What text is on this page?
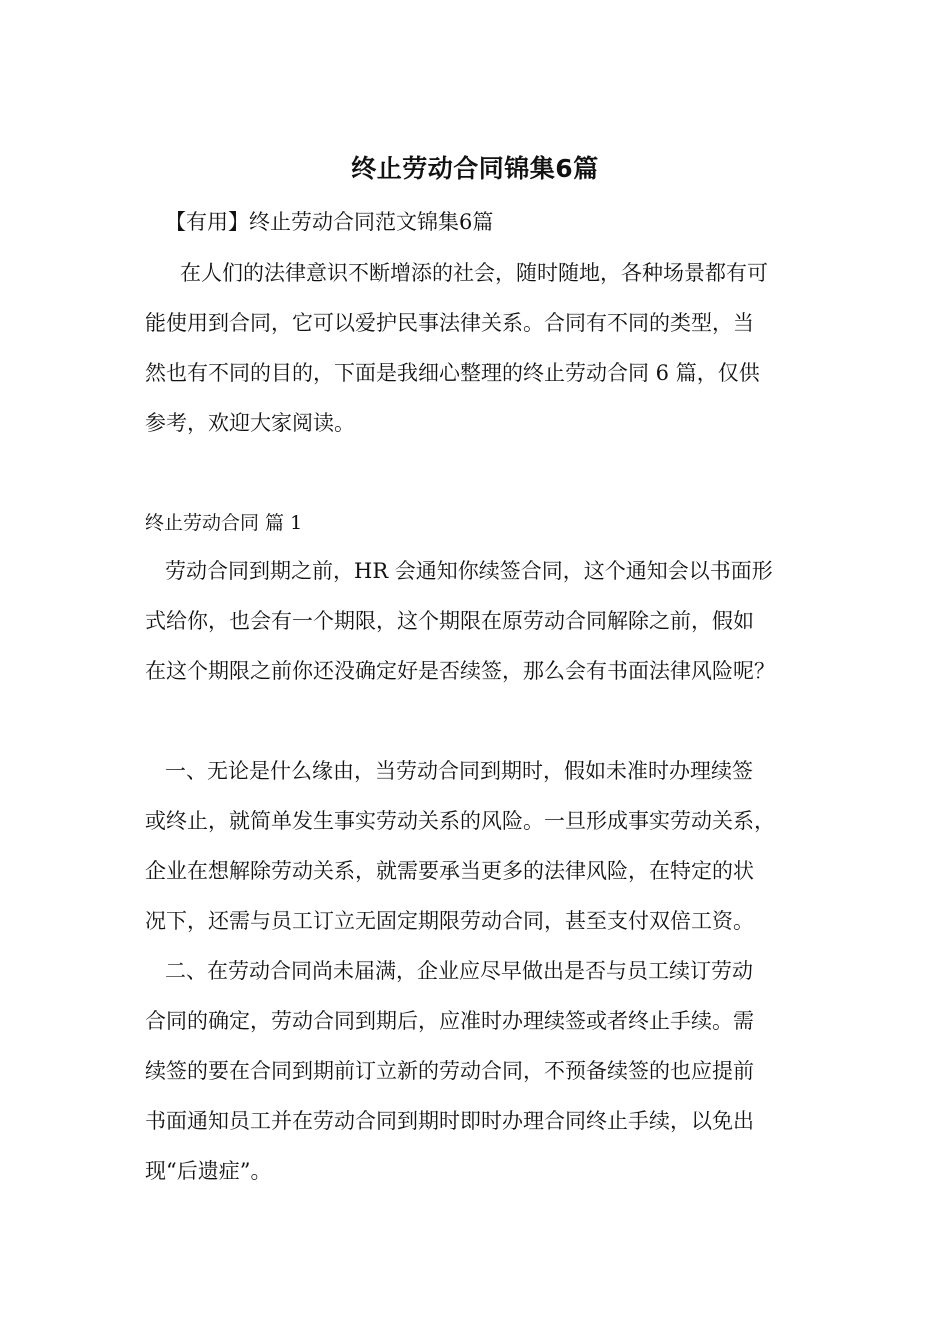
终止劳动合同锦集6篇
【有用】终止劳动合同范文锦集6篇
在人们的法律意识不断增添的社会，随时随地，各种场景都有可
能使用到合同，它可以爱护民事法律关系。合同有不同的类型，当
然也有不同的目的，下面是我细心整理的终止劳动合同 6 篇，仅供
参考，欢迎大家阅读。
终止劳动合同 篇 1
劳动合同到期之前，HR 会通知你续签合同，这个通知会以书面形
式给你，也会有一个期限，这个期限在原劳动合同解除之前，假如
在这个期限之前你还没确定好是否续签，那么会有书面法律风险呢？
一、无论是什么缘由，当劳动合同到期时，假如未准时办理续签
或终止，就简单发生事实劳动关系的风险。一旦形成事实劳动关系，
企业在想解除劳动关系，就需要承当更多的法律风险，在特定的状
况下，还需与员工订立无固定期限劳动合同，甚至支付双倍工资。
二、在劳动合同尚未届满，企业应尽早做出是否与员工续订劳动
合同的确定，劳动合同到期后，应准时办理续签或者终止手续。需
续签的要在合同到期前订立新的劳动合同，不预备续签的也应提前
书面通知员工并在劳动合同到期时即时办理合同终止手续，以免出
现“后遗症”。
